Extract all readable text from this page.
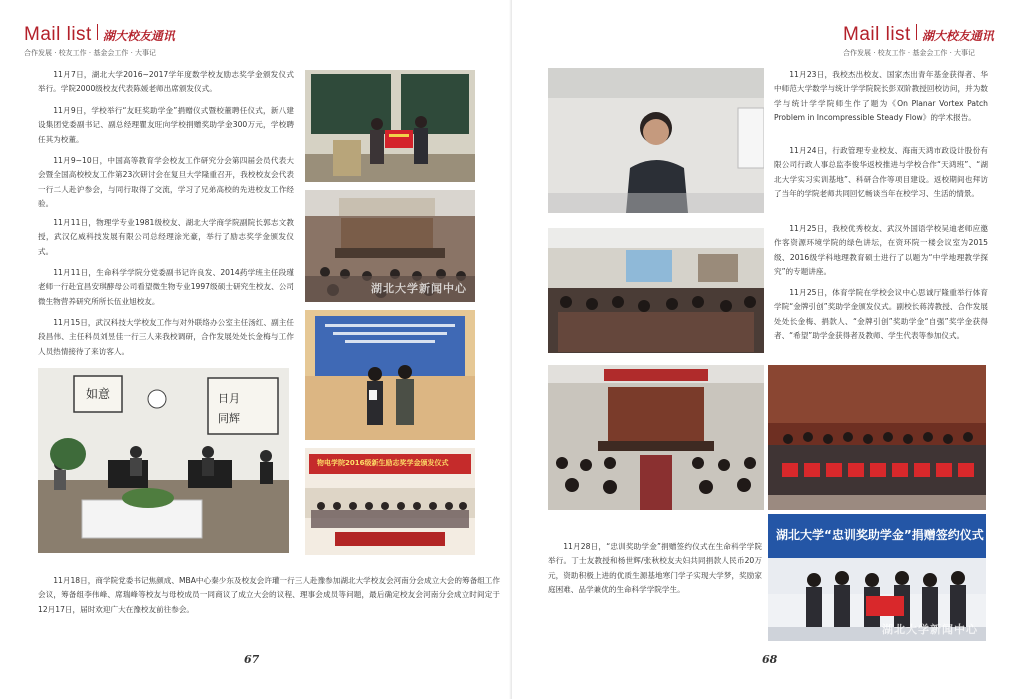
Mail list 湖大校友通讯
合作发展 · 校友工作 · 基金会工作 · 大事记

11月7日，湖北大学2016~2017学年度数学校友励志奖学金颁发仪式举行。学院2000级校友代表陈媛老师出席颁发仪式。

11月9日，学校举行“友旺奖助学金”捐赠仪式暨校董聘任仪式，新八建设集团党委副书记、副总经理瞿友旺向学校捐赠奖助学金300万元，学校聘任其为校董。

11月9~10日，中国高等教育学会校友工作研究分会第四届会员代表大会暨全国高校校友工作第23次研讨会在复旦大学隆重召开，我校校友会代表一行二人赴沪参会，与同行取得了交流，学习了兄弟高校的先进校友工作经验。

11月11日，物理学专业1981级校友、湖北大学商学院副院长郭志文教授，武汉亿威科技发展有限公司总经理涂光豪，举行了励志奖学金颁发仪式。

11月11日，生命科学学院分党委副书记许良发、2014药学班主任段瑾老师一行赴宜昌安琪酵母公司看望微生物专业1997级硕士研究生校友、公司微生物营养研究所所长伍业旭校友。

11月15日，武汉科技大学校友工作与对外联络办公室主任汤红、副主任段昌伟、主任科员刘昱佳一行三人来我校调研，合作发展处处长金梅与工作人员热情接待了来访客人。

如意	日月
同辉

11月18日，商学院党委书记焦颜成、MBA中心秦少东及校友会许瓘一行三人赴豫参加湖北大学校友会河南分会成立大会的筹备组工作会议，筹备组李伟峰、席瑞峰等校友与母校成员一同商议了成立大会的议程、理事会成员等问题，最后确定校友会河南分会成立时间定于12月17日，届时欢迎广大在豫校友前往参会。

湖北大学新闻中心
物电学院2016级新生励志奖学金颁发仪式
67
Mail list 湖大校友通讯
合作发展 · 校友工作 · 基金会工作 · 大事记

11月23日，我校杰出校友、国家杰出青年基金获得者、华中师范大学数学与统计学学院院长彭双阶教授回校访问，并为数学与统计学学院师生作了题为《On Planar Vortex Patch Problem in Incompressible Steady Flow》的学术报告。

11月24日，行政管理专业校友、海南天鸿市政设计股份有限公司行政人事总监李俊华返校推进与学校合作“天鸿班”、“湖北大学实习实训基地”、科研合作等项目建设。返校期间也拜访了当年的学院老师共同回忆畅谈当年在校学习、生活的情景。

11月25日，我校优秀校友、武汉外国语学校吴迪老师应邀作客资源环境学院的绿色讲坛，在资环院一楼会议室为2015级、2016级学科地理教育硕士进行了以题为“中学地理教学探究”的专题讲座。

11月25日，体育学院在学校会议中心思诚厅隆重举行体育学院“金牌引创”奖助学金颁发仪式。副校长蒋涛教授、合作发展处处长金梅、捐款人、“金牌引创”奖助学金“自强”奖学金获得者、“希望”助学金获得者及教师、学生代表等参加仪式。

11月28日，“忠训奖助学金”捐赠签约仪式在生命科学学院举行。丁士友教授和杨世辉/张秋校友夫妇共同捐款人民币20万元，资助积极上进的优质生源基地寒门学子实现大学梦，奖励家庭困难、品学兼优的生命科学学院学生。

湖北大学“忠训奖助学金”捐赠签约仪式
湖北大学新闻中心
68
